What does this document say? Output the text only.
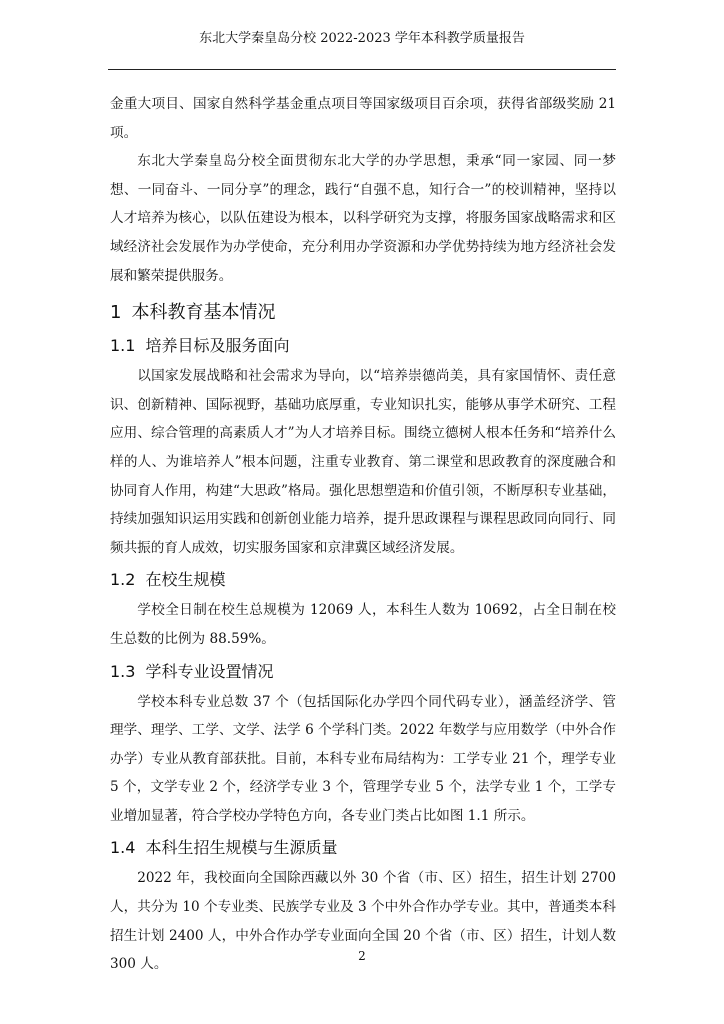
东北大学秦皇岛分校 2022-2023 学年本科教学质量报告

金重大项目、国家自然科学基金重点项目等国家级项目百余项，获得省部级奖励 21 项。

东北大学秦皇岛分校全面贯彻东北大学的办学思想，秉承“同一家园、同一梦想、一同奋斗、一同分享”的理念，践行“自强不息，知行合一”的校训精神，坚持以人才培养为核心，以队伍建设为根本，以科学研究为支撑，将服务国家战略需求和区域经济社会发展作为办学使命，充分利用办学资源和办学优势持续为地方经济社会发展和繁荣提供服务。

1 本科教育基本情况
1.1 培养目标及服务面向

以国家发展战略和社会需求为导向，以“培养崇德尚美，具有家国情怀、责任意识、创新精神、国际视野，基础功底厚重，专业知识扎实，能够从事学术研究、工程应用、综合管理的高素质人才”为人才培养目标。围绕立德树人根本任务和“培养什么样的人、为谁培养人”根本问题，注重专业教育、第二课堂和思政教育的深度融合和协同育人作用，构建“大思政”格局。强化思想塑造和价值引领，不断厚积专业基础，持续加强知识运用实践和创新创业能力培养，提升思政课程与课程思政同向同行、同频共振的育人成效，切实服务国家和京津冀区域经济发展。

1.2 在校生规模

学校全日制在校生总规模为 12069 人，本科生人数为 10692，占全日制在校生总数的比例为 88.59%。

1.3 学科专业设置情况

学校本科专业总数 37 个（包括国际化办学四个同代码专业），涵盖经济学、管理学、理学、工学、文学、法学 6 个学科门类。2022 年数学与应用数学（中外合作办学）专业从教育部获批。目前，本科专业布局结构为：工学专业 21 个，理学专业 5 个，文学专业 2 个，经济学专业 3 个，管理学专业 5 个，法学专业 1 个，工学专业增加显著，符合学校办学特色方向，各专业门类占比如图 1.1 所示。

1.4 本科生招生规模与生源质量

2022 年，我校面向全国除西藏以外 30 个省（市、区）招生，招生计划 2700 人，共分为 10 个专业类、民族学专业及 3 个中外合作办学专业。其中，普通类本科招生计划 2400 人，中外合作办学专业面向全国 20 个省（市、区）招生，计划人数 300 人。

2
